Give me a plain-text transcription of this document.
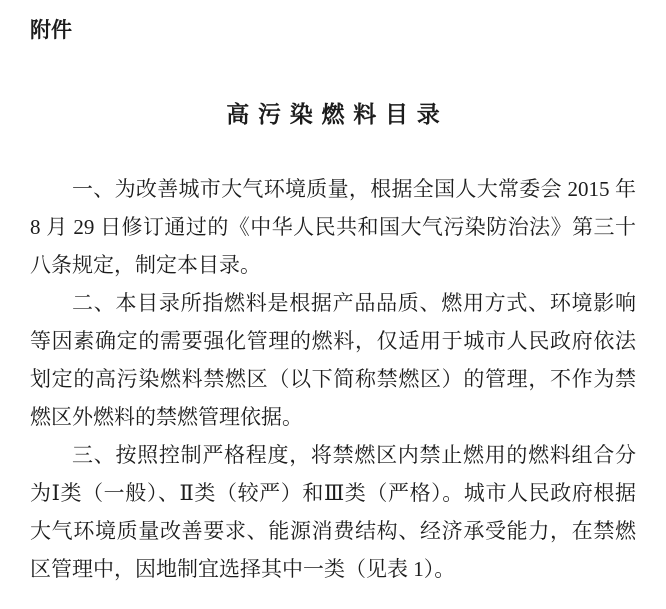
附件
高污染燃料目录

一、为改善城市大气环境质量，根据全国人大常委会 2015 年 8 月 29 日修订通过的《中华人民共和国大气污染防治法》第三十八条规定，制定本目录。

二、本目录所指燃料是根据产品品质、燃用方式、环境影响等因素确定的需要强化管理的燃料，仅适用于城市人民政府依法划定的高污染燃料禁燃区（以下简称禁燃区）的管理，不作为禁燃区外燃料的禁燃管理依据。

三、按照控制严格程度，将禁燃区内禁止燃用的燃料组合分为Ⅰ类（一般）、Ⅱ类（较严）和Ⅲ类（严格）。城市人民政府根据大气环境质量改善要求、能源消费结构、经济承受能力，在禁燃区管理中，因地制宜选择其中一类（见表 1）。
